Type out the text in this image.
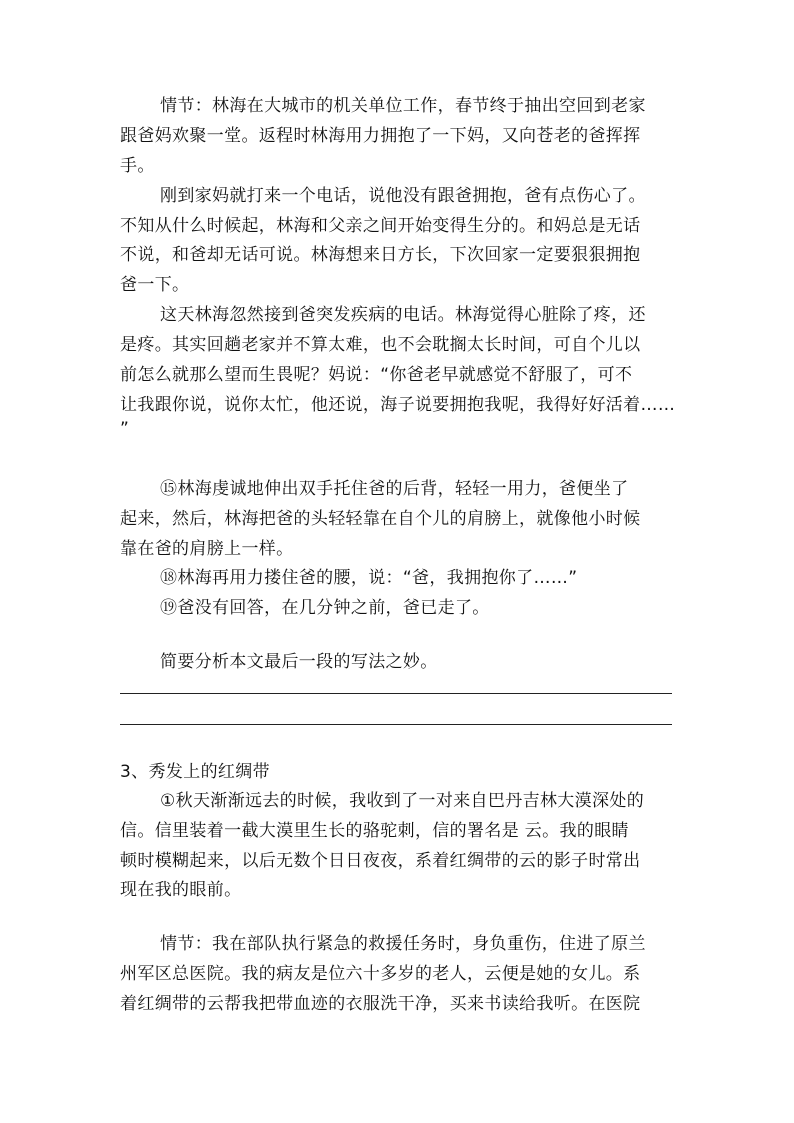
情节：林海在大城市的机关单位工作，春节终于抽出空回到老家
跟爸妈欢聚一堂。返程时林海用力拥抱了一下妈，又向苍老的爸挥挥
手。
刚到家妈就打来一个电话，说他没有跟爸拥抱，爸有点伤心了。
不知从什么时候起，林海和父亲之间开始变得生分的。和妈总是无话
不说，和爸却无话可说。林海想来日方长，下次回家一定要狠狠拥抱
爸一下。
这天林海忽然接到爸突发疾病的电话。林海觉得心脏除了疼，还
是疼。其实回趟老家并不算太难，也不会耽搁太长时间，可自个儿以
前怎么就那么望而生畏呢？妈说：“你爸老早就感觉不舒服了，可不
让我跟你说，说你太忙，他还说，海子说要拥抱我呢，我得好好活着……
”
⑮林海虔诚地伸出双手托住爸的后背，轻轻一用力，爸便坐了
起来，然后，林海把爸的头轻轻靠在自个儿的肩膀上，就像他小时候
靠在爸的肩膀上一样。
⑱林海再用力搂住爸的腰，说：“爸，我拥抱你了……”
⑲爸没有回答，在几分钟之前，爸已走了。
简要分析本文最后一段的写法之妙。
3、秀发上的红绸带
①秋天渐渐远去的时候，我收到了一对来自巴丹吉林大漠深处的
信。信里装着一截大漠里生长的骆驼刺，信的署名是 云。我的眼睛
顿时模糊起来，以后无数个日日夜夜，系着红绸带的云的影子时常出
现在我的眼前。
情节：我在部队执行紧急的救援任务时，身负重伤，住进了原兰
州军区总医院。我的病友是位六十多岁的老人，云便是她的女儿。系
着红绸带的云帮我把带血迹的衣服洗干净，买来书读给我听。在医院
